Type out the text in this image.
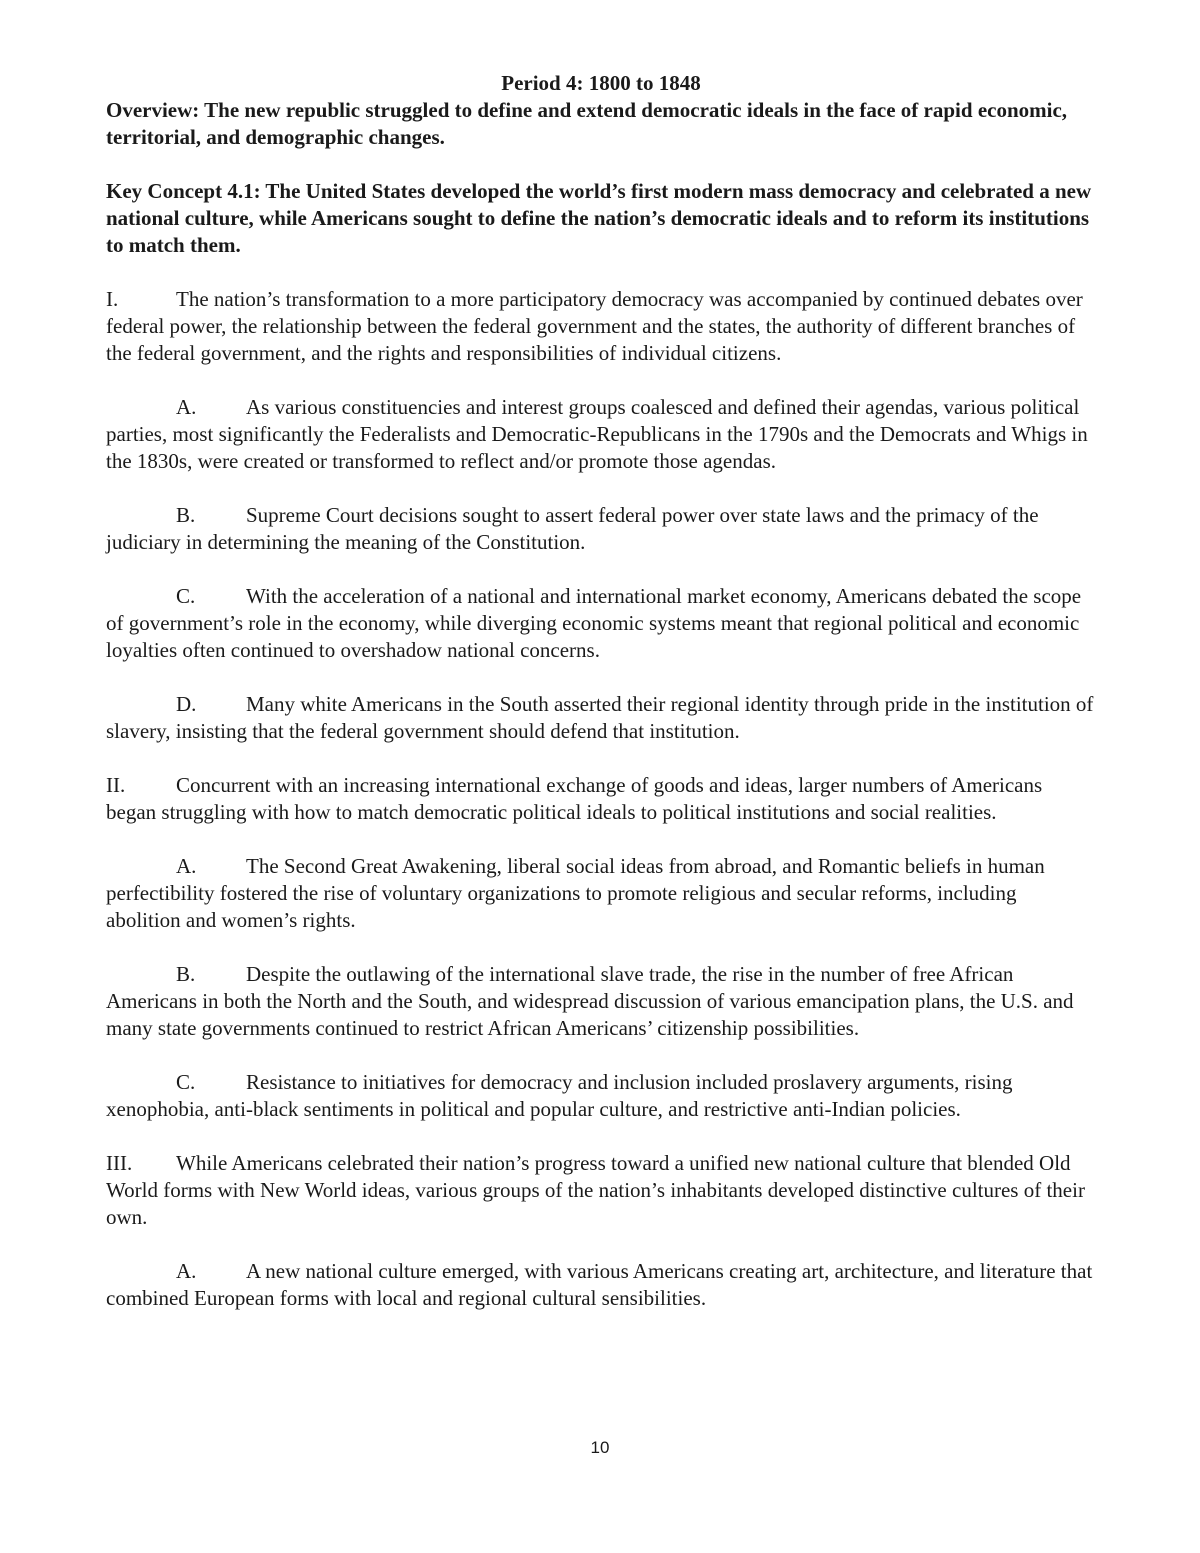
Period 4: 1800 to 1848

Overview: The new republic struggled to define and extend democratic ideals in the face of rapid economic, territorial, and demographic changes.

Key Concept 4.1: The United States developed the world’s first modern mass democracy and celebrated a new national culture, while Americans sought to define the nation’s democratic ideals and to reform its institutions to match them.

I.	The nation’s transformation to a more participatory democracy was accompanied by continued debates over federal power, the relationship between the federal government and the states, the authority of different branches of the federal government, and the rights and responsibilities of individual citizens.

A. As various constituencies and interest groups coalesced and defined their agendas, various political parties, most significantly the Federalists and Democratic-Republicans in the 1790s and the Democrats and Whigs in the 1830s, were created or transformed to reflect and/or promote those agendas.

B. Supreme Court decisions sought to assert federal power over state laws and the primacy of the judiciary in determining the meaning of the Constitution.

C. With the acceleration of a national and international market economy, Americans debated the scope of government’s role in the economy, while diverging economic systems meant that regional political and economic loyalties often continued to overshadow national concerns.

D. Many white Americans in the South asserted their regional identity through pride in the institution of slavery, insisting that the federal government should defend that institution.

II. Concurrent with an increasing international exchange of goods and ideas, larger numbers of Americans began struggling with how to match democratic political ideals to political institutions and social realities.

A. The Second Great Awakening, liberal social ideas from abroad, and Romantic beliefs in human perfectibility fostered the rise of voluntary organizations to promote religious and secular reforms, including abolition and women’s rights.

B. Despite the outlawing of the international slave trade, the rise in the number of free African Americans in both the North and the South, and widespread discussion of various emancipation plans, the U.S. and many state governments continued to restrict African Americans’ citizenship possibilities.

C. Resistance to initiatives for democracy and inclusion included proslavery arguments, rising xenophobia, anti-black sentiments in political and popular culture, and restrictive anti-Indian policies.

III. While Americans celebrated their nation’s progress toward a unified new national culture that blended Old World forms with New World ideas, various groups of the nation’s inhabitants developed distinctive cultures of their own.

A. A new national culture emerged, with various Americans creating art, architecture, and literature that combined European forms with local and regional cultural sensibilities.

10
